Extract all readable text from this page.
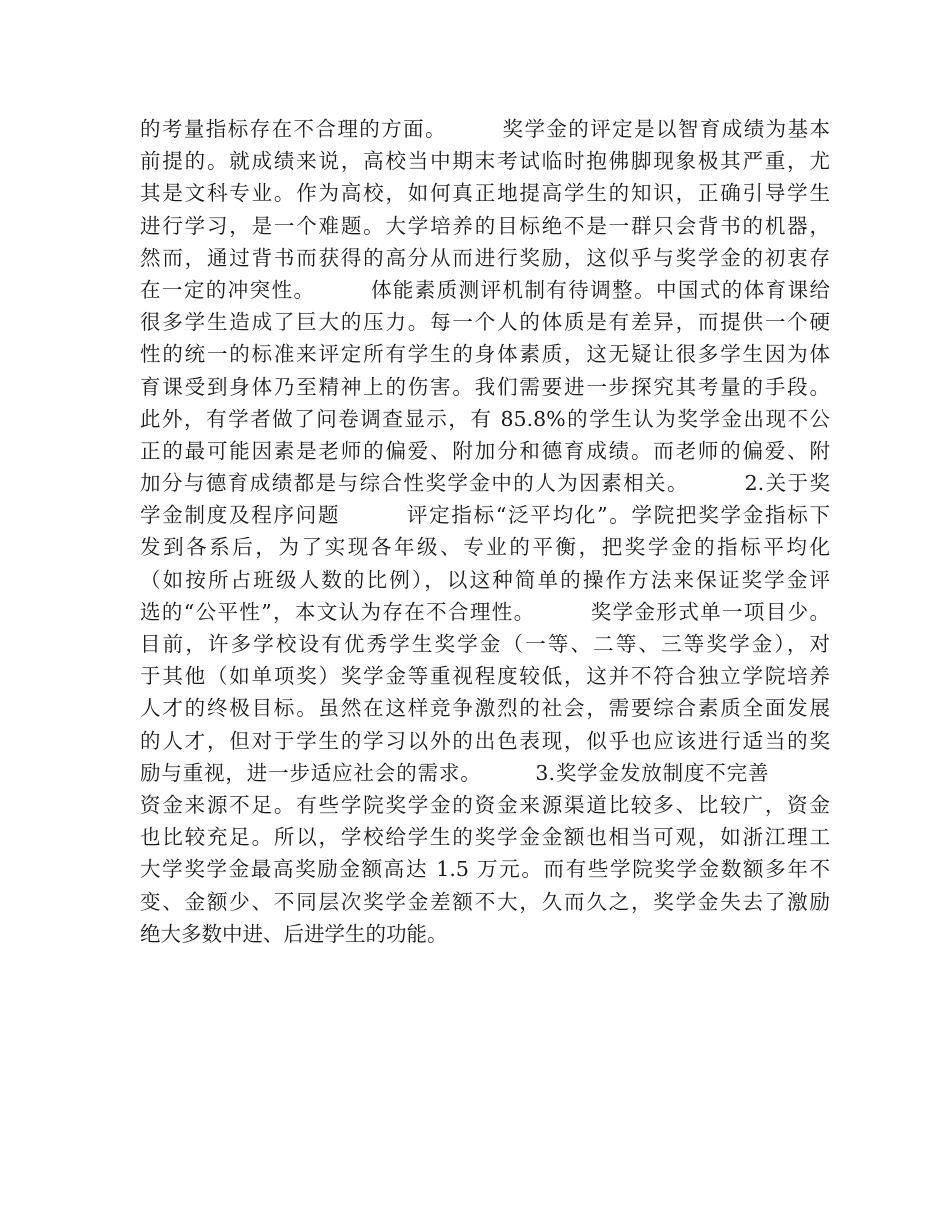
的考量指标存在不合理的方面。　　　奖学金的评定是以智育成绩为基本
前提的。就成绩来说，高校当中期末考试临时抱佛脚现象极其严重，尤
其是文科专业。作为高校，如何真正地提高学生的知识，正确引导学生
进行学习，是一个难题。大学培养的目标绝不是一群只会背书的机器，
然而，通过背书而获得的高分从而进行奖励，这似乎与奖学金的初衷存
在一定的冲突性。　　　体能素质测评机制有待调整。中国式的体育课给
很多学生造成了巨大的压力。每一个人的体质是有差异，而提供一个硬
性的统一的标准来评定所有学生的身体素质，这无疑让很多学生因为体
育课受到身体乃至精神上的伤害。我们需要进一步探究其考量的手段。
此外，有学者做了问卷调查显示，有 85.8%的学生认为奖学金出现不公
正的最可能因素是老师的偏爱、附加分和德育成绩。而老师的偏爱、附
加分与德育成绩都是与综合性奖学金中的人为因素相关。　　　2.关于奖
学金制度及程序问题　　　评定指标“泛平均化”。学院把奖学金指标下
发到各系后，为了实现各年级、专业的平衡，把奖学金的指标平均化
（如按所占班级人数的比例），以这种简单的操作方法来保证奖学金评
选的“公平性”，本文认为存在不合理性。　　　奖学金形式单一项目少。
目前，许多学校设有优秀学生奖学金（一等、二等、三等奖学金），对
于其他（如单项奖）奖学金等重视程度较低，这并不符合独立学院培养
人才的终极目标。虽然在这样竞争激烈的社会，需要综合素质全面发展
的人才，但对于学生的学习以外的出色表现，似乎也应该进行适当的奖
励与重视，进一步适应社会的需求。　　　3.奖学金发放制度不完善　　　
资金来源不足。有些学院奖学金的资金来源渠道比较多、比较广，资金
也比较充足。所以，学校给学生的奖学金金额也相当可观，如浙江理工
大学奖学金最高奖励金额高达 1.5 万元。而有些学院奖学金数额多年不
变、金额少、不同层次奖学金差额不大，久而久之，奖学金失去了激励
绝大多数中进、后进学生的功能。
